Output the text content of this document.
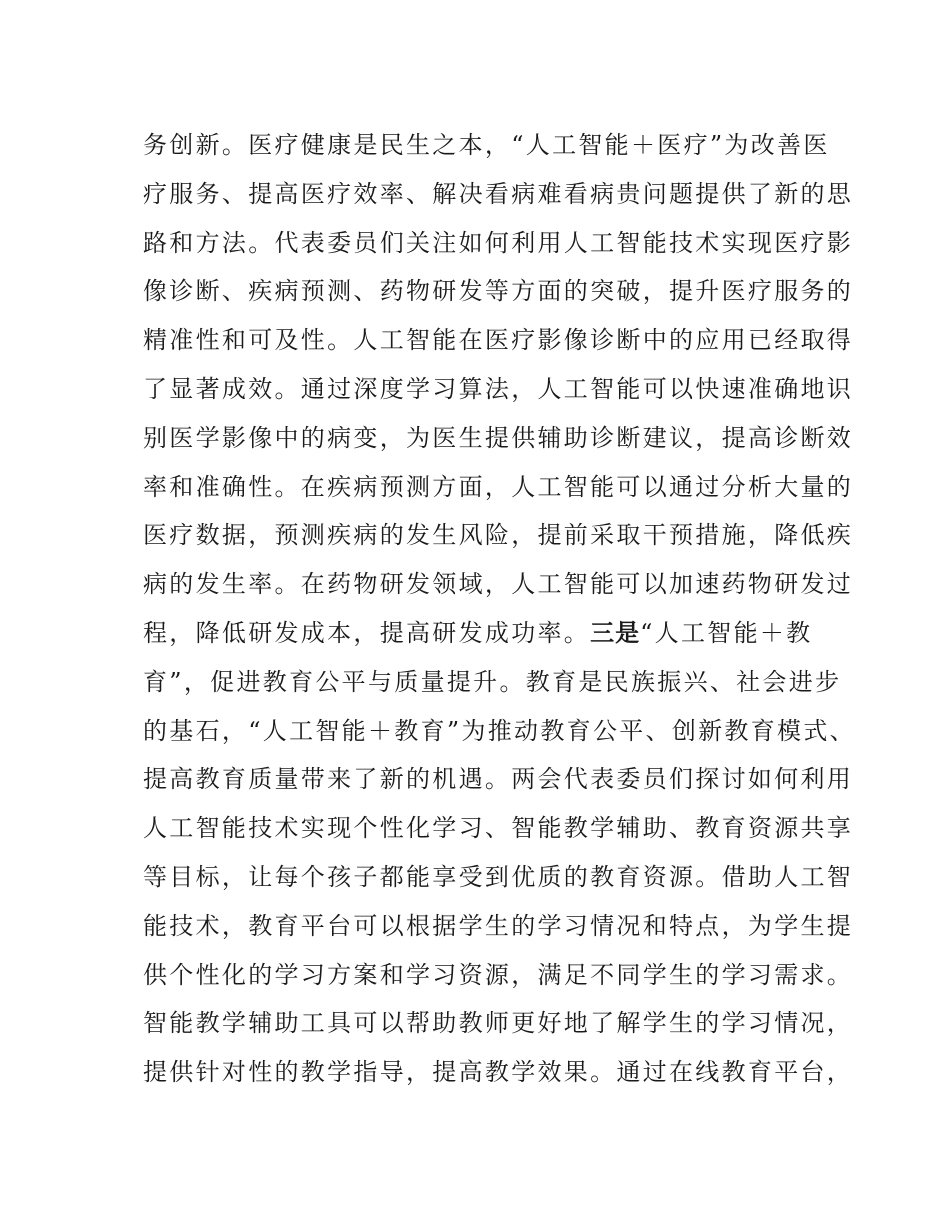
务创新。医疗健康是民生之本，“人工智能＋医疗”为改善医
疗服务、提高医疗效率、解决看病难看病贵问题提供了新的思
路和方法。代表委员们关注如何利用人工智能技术实现医疗影
像诊断、疾病预测、药物研发等方面的突破，提升医疗服务的
精准性和可及性。人工智能在医疗影像诊断中的应用已经取得
了显著成效。通过深度学习算法，人工智能可以快速准确地识
别医学影像中的病变，为医生提供辅助诊断建议，提高诊断效
率和准确性。在疾病预测方面，人工智能可以通过分析大量的
医疗数据，预测疾病的发生风险，提前采取干预措施，降低疾
病的发生率。在药物研发领域，人工智能可以加速药物研发过
程，降低研发成本，提高研发成功率。三是“人工智能＋教
育”，促进教育公平与质量提升。教育是民族振兴、社会进步
的基石，“人工智能＋教育”为推动教育公平、创新教育模式、
提高教育质量带来了新的机遇。两会代表委员们探讨如何利用
人工智能技术实现个性化学习、智能教学辅助、教育资源共享
等目标，让每个孩子都能享受到优质的教育资源。借助人工智
能技术，教育平台可以根据学生的学习情况和特点，为学生提
供个性化的学习方案和学习资源，满足不同学生的学习需求。
智能教学辅助工具可以帮助教师更好地了解学生的学习情况，
提供针对性的教学指导，提高教学效果。通过在线教育平台，
